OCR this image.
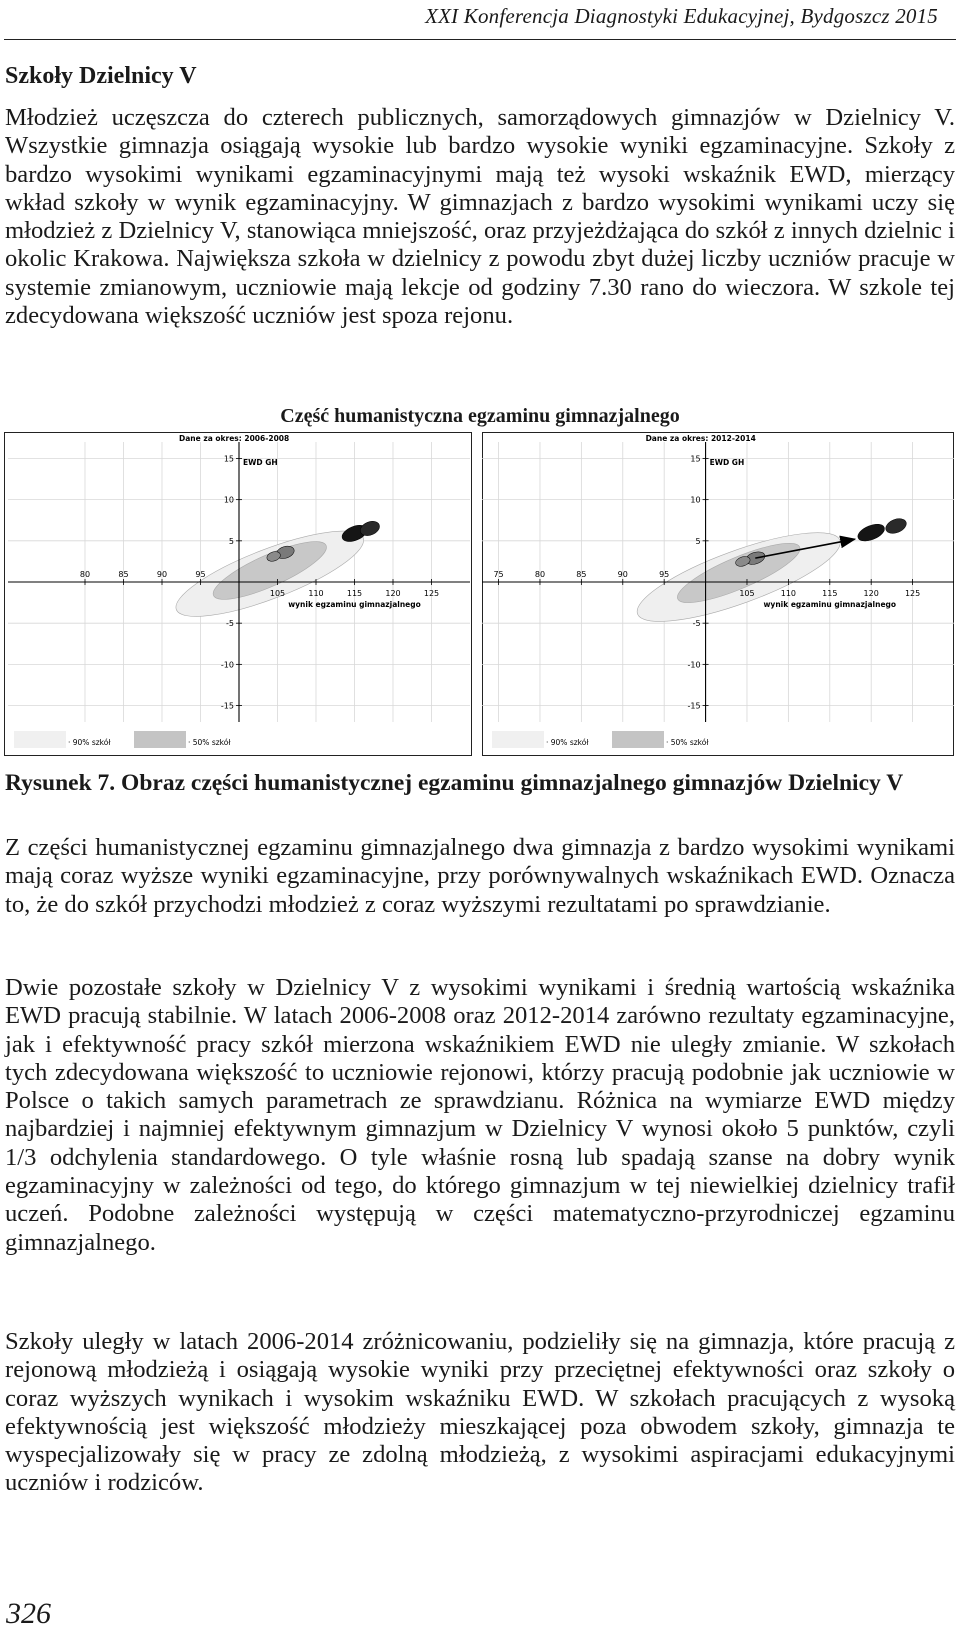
XXI Konferencja Diagnostyki Edukacyjnej, Bydgoszcz 2015
Szkoły Dzielnicy V

Młodzież uczęszcza do czterech publicznych, samorządowych gimnazjów w Dzielnicy V. Wszystkie gimnazja osiągają wysokie lub bardzo wysokie wyniki egzaminacyjne. Szkoły z bardzo wysokimi wynikami egzaminacyjnymi mają też wysoki wskaźnik EWD, mierzący wkład szkoły w wynik egzaminacyjny. W gimnazjach z bardzo wysokimi wynikami uczy się młodzież z Dzielnicy V, stanowiąca mniejszość, oraz przyjeżdżająca do szkół z innych dzielnic i okolic Krakowa. Największa szkoła w dzielnicy z powodu zbyt dużej liczby uczniów pracuje w systemie zmianowym, uczniowie mają lekcje od godziny 7.30 rano do wieczora. W szkole tej zdecydowana większość uczniów jest spoza rejonu.

Część humanistyczna egzaminu gimnazjalnego
80	85	90	95
105	110	115	120	125
15
10
5
-5
-10
-15
Dane za okres: 2006-2008
EWD GH
wynik egzaminu gimnazjalnego
· 90% szkół	· 50% szkół
75	80	85	90	95
105	110	115	120	125
15
10
5
-5
-10
-15
Dane za okres: 2012-2014
EWD GH
wynik egzaminu gimnazjalnego
· 90% szkół	· 50% szkół
Rysunek 7. Obraz części humanistycznej egzaminu gimnazjalnego gimnazjów Dzielnicy V

Z części humanistycznej egzaminu gimnazjalnego dwa gimnazja z bardzo wysokimi wynikami mają coraz wyższe wyniki egzaminacyjne, przy porównywalnych wskaźnikach EWD. Oznacza to, że do szkół przychodzi młodzież z coraz wyższymi rezultatami po sprawdzianie.

Dwie pozostałe szkoły w Dzielnicy V z wysokimi wynikami i średnią wartością wskaźnika EWD pracują stabilnie. W latach 2006-2008 oraz 2012-2014 zarówno rezultaty egzaminacyjne, jak i efektywność pracy szkół mierzona wskaźnikiem EWD nie uległy zmianie. W szkołach tych zdecydowana większość to uczniowie rejonowi, którzy pracują podobnie jak uczniowie w Polsce o takich samych parametrach ze sprawdzianu. Różnica na wymiarze EWD między najbardziej i najmniej efektywnym gimnazjum w Dzielnicy V wynosi około 5 punktów, czyli 1/3 odchylenia standardowego. O tyle właśnie rosną lub spadają szanse na dobry wynik egzaminacyjny w zależności od tego, do którego gimnazjum w tej niewielkiej dzielnicy trafił uczeń. Podobne zależności występują w części matematyczno-przyrodniczej egzaminu gimnazjalnego.

Szkoły uległy w latach 2006-2014 zróżnicowaniu, podzieliły się na gimnazja, które pracują z rejonową młodzieżą i osiągają wysokie wyniki przy przeciętnej efektywności oraz szkoły o coraz wyższych wynikach i wysokim wskaźniku EWD. W szkołach pracujących z wysoką efektywnością jest większość młodzieży mieszkającej poza obwodem szkoły, gimnazja te wyspecjalizowały się w pracy ze zdolną młodzieżą, z wysokimi aspiracjami edukacyjnymi uczniów i rodziców.

326
